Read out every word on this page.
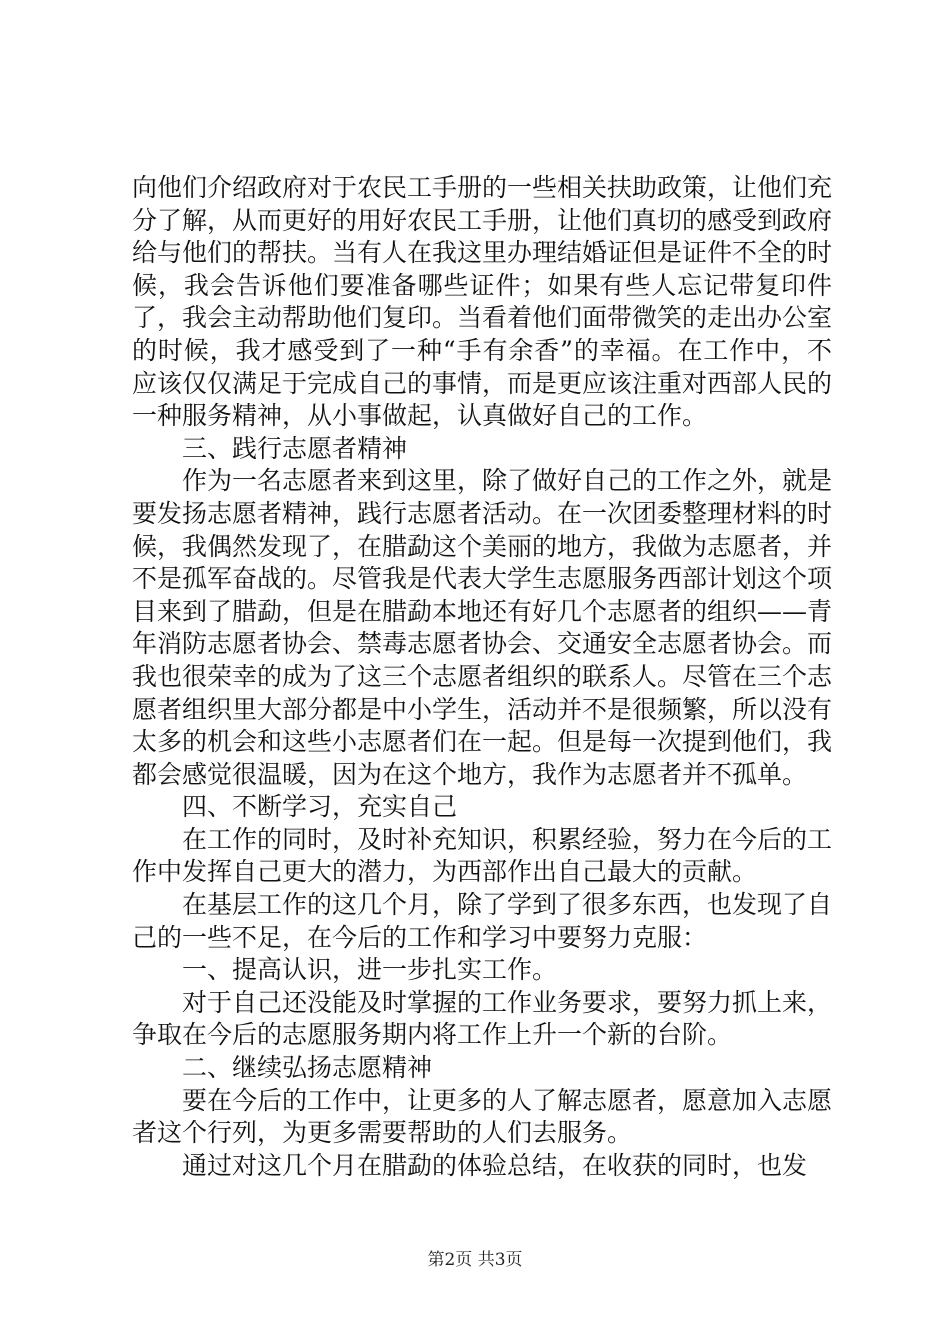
向他们介绍政府对于农民工手册的一些相关扶助政策，让他们充分了解，从而更好的用好农民工手册，让他们真切的感受到政府给与他们的帮扶。当有人在我这里办理结婚证但是证件不全的时候，我会告诉他们要准备哪些证件；如果有些人忘记带复印件了，我会主动帮助他们复印。当看着他们面带微笑的走出办公室的时候，我才感受到了一种“手有余香”的幸福。在工作中，不应该仅仅满足于完成自己的事情，而是更应该注重对西部人民的一种服务精神，从小事做起，认真做好自己的工作。

三、践行志愿者精神

作为一名志愿者来到这里，除了做好自己的工作之外，就是要发扬志愿者精神，践行志愿者活动。在一次团委整理材料的时候，我偶然发现了，在腊勐这个美丽的地方，我做为志愿者，并不是孤军奋战的。尽管我是代表大学生志愿服务西部计划这个项目来到了腊勐，但是在腊勐本地还有好几个志愿者的组织——青年消防志愿者协会、禁毒志愿者协会、交通安全志愿者协会。而我也很荣幸的成为了这三个志愿者组织的联系人。尽管在三个志愿者组织里大部分都是中小学生，活动并不是很频繁，所以没有太多的机会和这些小志愿者们在一起。但是每一次提到他们，我都会感觉很温暖，因为在这个地方，我作为志愿者并不孤单。

四、不断学习，充实自己

在工作的同时，及时补充知识，积累经验，努力在今后的工作中发挥自己更大的潜力，为西部作出自己最大的贡献。

在基层工作的这几个月，除了学到了很多东西，也发现了自己的一些不足，在今后的工作和学习中要努力克服：

一、提高认识，进一步扎实工作。

对于自己还没能及时掌握的工作业务要求，要努力抓上来，争取在今后的志愿服务期内将工作上升一个新的台阶。

二、继续弘扬志愿精神

要在今后的工作中，让更多的人了解志愿者，愿意加入志愿者这个行列，为更多需要帮助的人们去服务。

通过对这几个月在腊勐的体验总结，在收获的同时，也发

第2页 共3页
